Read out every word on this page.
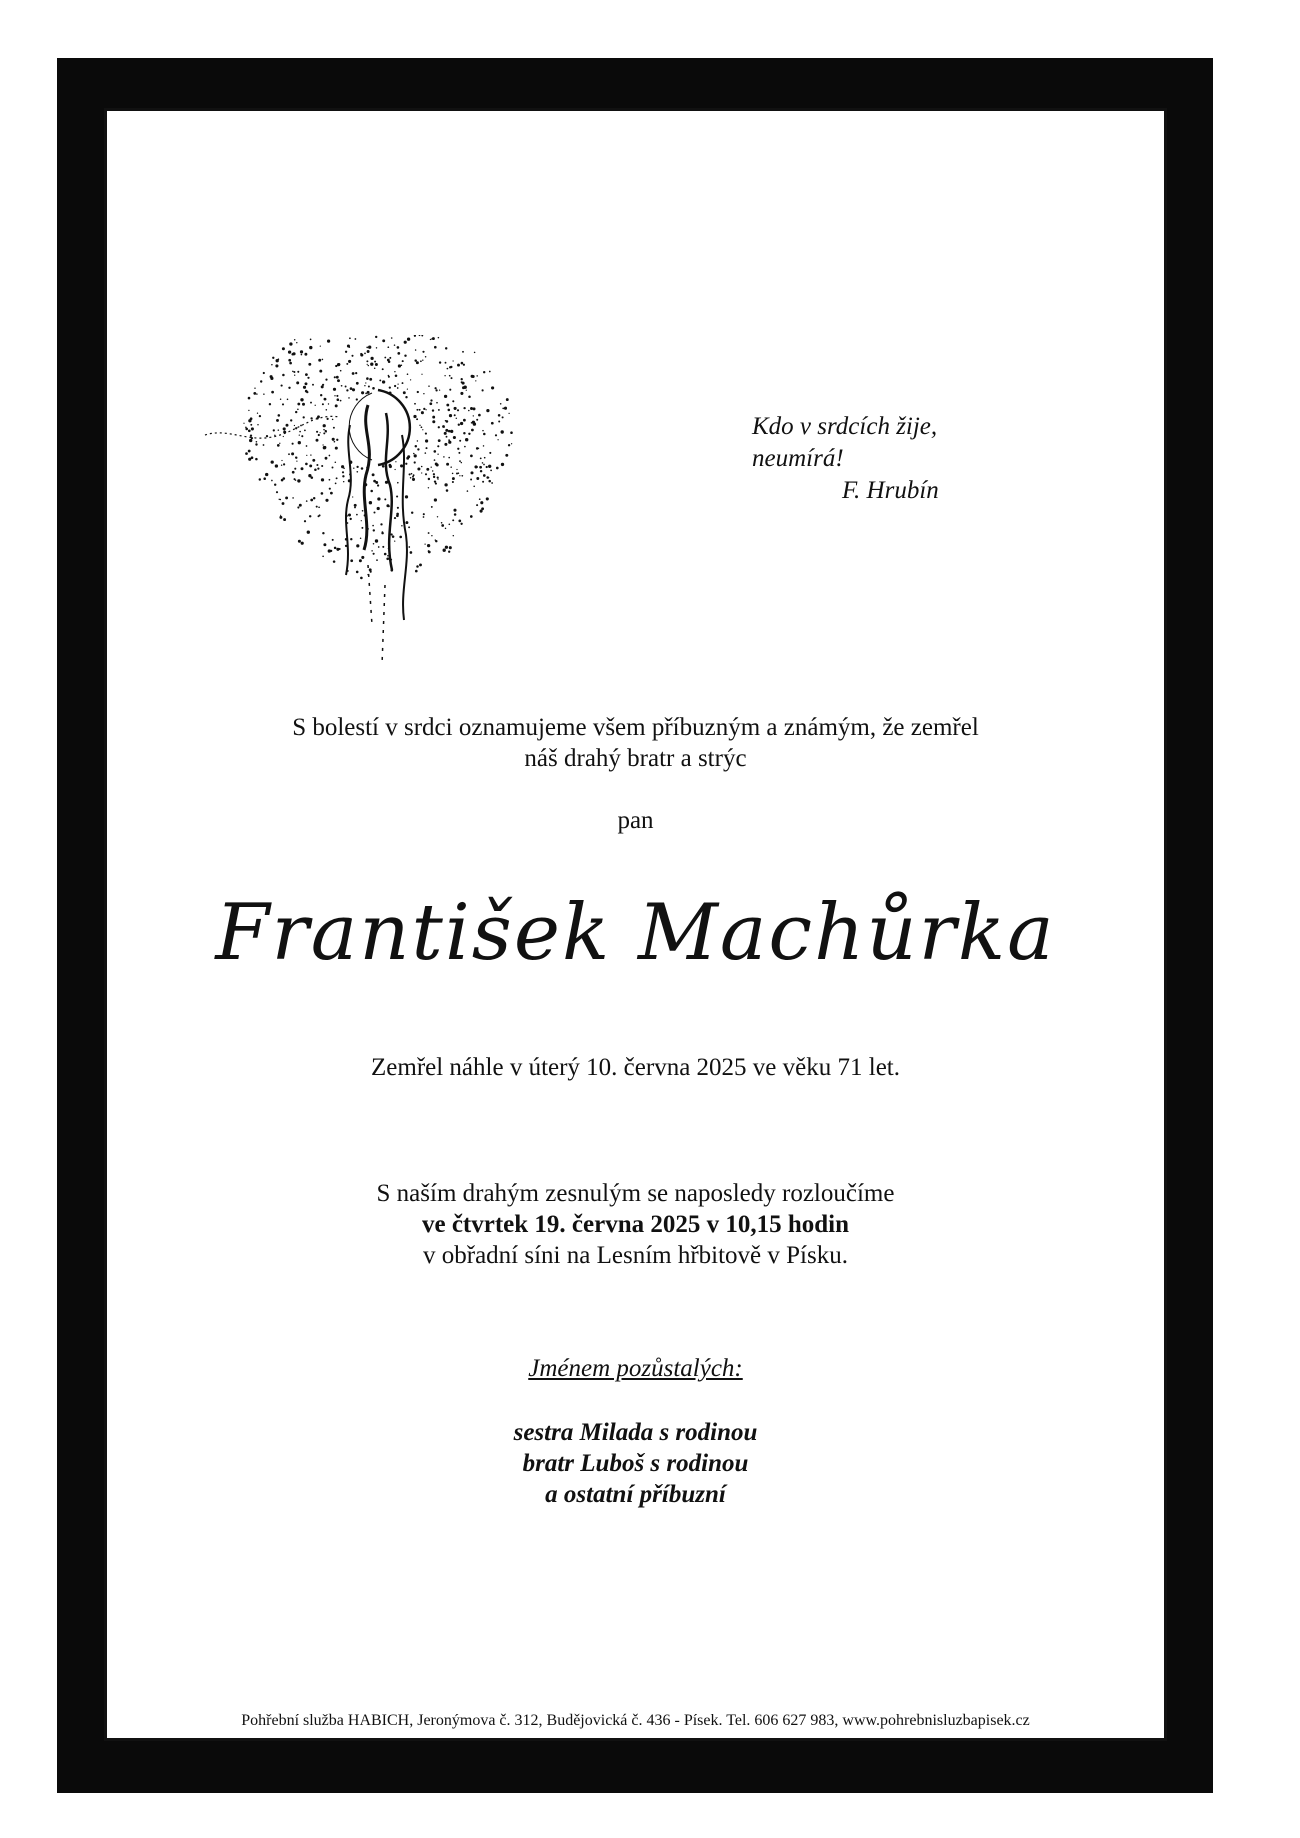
Kdo v srdcích žije,
neumírá!
F. Hrubín
S bolestí v srdci oznamujeme všem příbuzným a známým, že zemřel
náš drahý bratr a strýc
pan
František Machůrka
Zemřel náhle v úterý 10. června 2025 ve věku 71 let.
S naším drahým zesnulým se naposledy rozloučíme
ve čtvrtek 19. června 2025 v 10,15 hodin
v obřadní síni na Lesním hřbitově v Písku.
Jménem pozůstalých:
sestra Milada s rodinou
bratr Luboš s rodinou
a ostatní příbuzní
Pohřební služba HABICH, Jeronýmova č. 312, Budějovická č. 436 - Písek. Tel. 606 627 983, www.pohrebnisluzbapisek.cz
